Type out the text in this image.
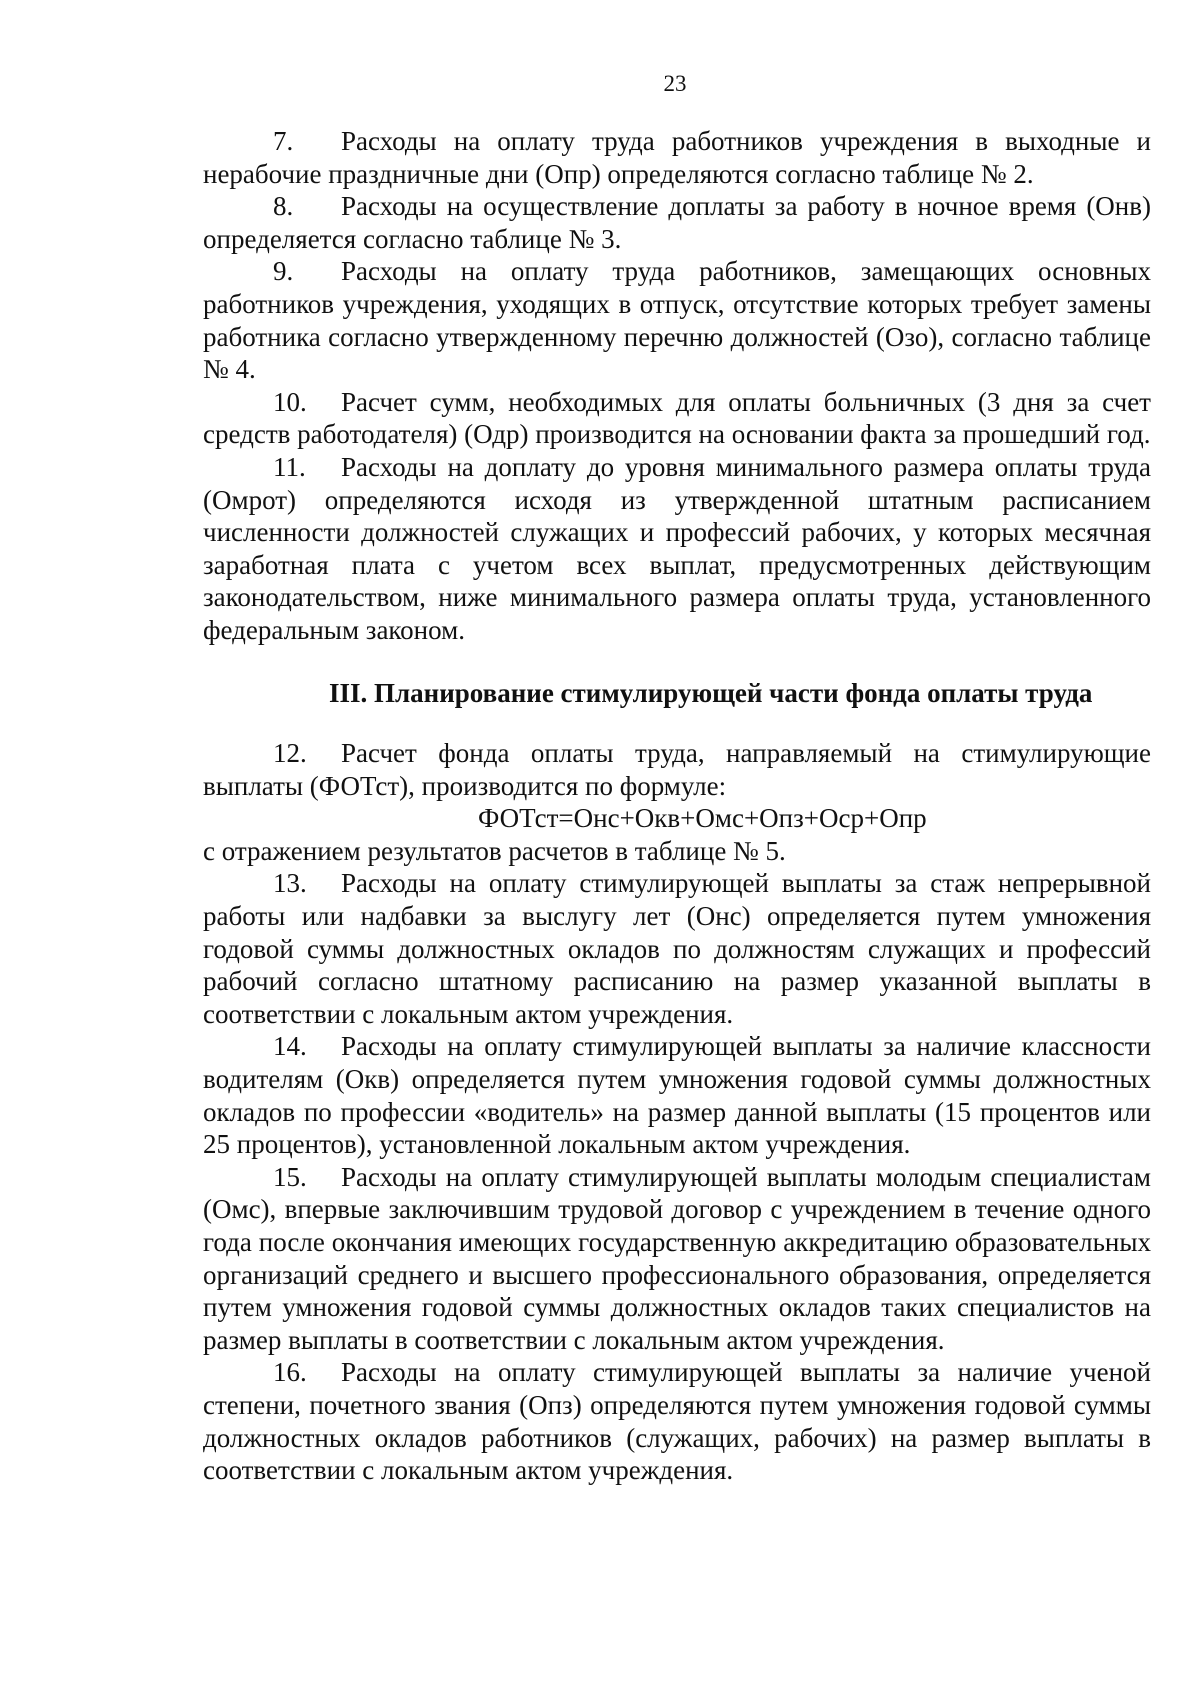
23

7. Расходы на оплату труда работников учреждения в выходные и нерабочие праздничные дни (Опр) определяются согласно таблице № 2.

8. Расходы на осуществление доплаты за работу в ночное время (Онв) определяется согласно таблице № 3.

9. Расходы на оплату труда работников, замещающих основных работников учреждения, уходящих в отпуск, отсутствие которых требует замены работника согласно утвержденному перечню должностей (Озо), согласно таблице № 4.

10. Расчет сумм, необходимых для оплаты больничных (3 дня за счет средств работодателя) (Одр) производится на основании факта за прошедший год.

11. Расходы на доплату до уровня минимального размера оплаты труда (Омрот) определяются исходя из утвержденной штатным расписанием численности должностей служащих и профессий рабочих, у которых месячная заработная плата с учетом всех выплат, предусмотренных действующим законодательством, ниже минимального размера оплаты труда, установленного федеральным законом.

III. Планирование стимулирующей части фонда оплаты труда

12. Расчет фонда оплаты труда, направляемый на стимулирующие выплаты (ФОТст), производится по формуле:

ФОТст=Онс+Окв+Омс+Опз+Оср+Опр

с отражением результатов расчетов в таблице № 5.

13. Расходы на оплату стимулирующей выплаты за стаж непрерывной работы или надбавки за выслугу лет (Онс) определяется путем умножения годовой суммы должностных окладов по должностям служащих и профессий рабочий согласно штатному расписанию на размер указанной выплаты в соответствии с локальным актом учреждения.

14. Расходы на оплату стимулирующей выплаты за наличие классности водителям (Окв) определяется путем умножения годовой суммы должностных окладов по профессии «водитель» на размер данной выплаты (15 процентов или 25 процентов), установленной локальным актом учреждения.

15. Расходы на оплату стимулирующей выплаты молодым специалистам (Омс), впервые заключившим трудовой договор с учреждением в течение одного года после окончания имеющих государственную аккредитацию образовательных организаций среднего и высшего профессионального образования, определяется путем умножения годовой суммы должностных окладов таких специалистов на размер выплаты в соответствии с локальным актом учреждения.

16. Расходы на оплату стимулирующей выплаты за наличие ученой степени, почетного звания (Опз) определяются путем умножения годовой суммы должностных окладов работников (служащих, рабочих) на размер выплаты в соответствии с локальным актом учреждения.
